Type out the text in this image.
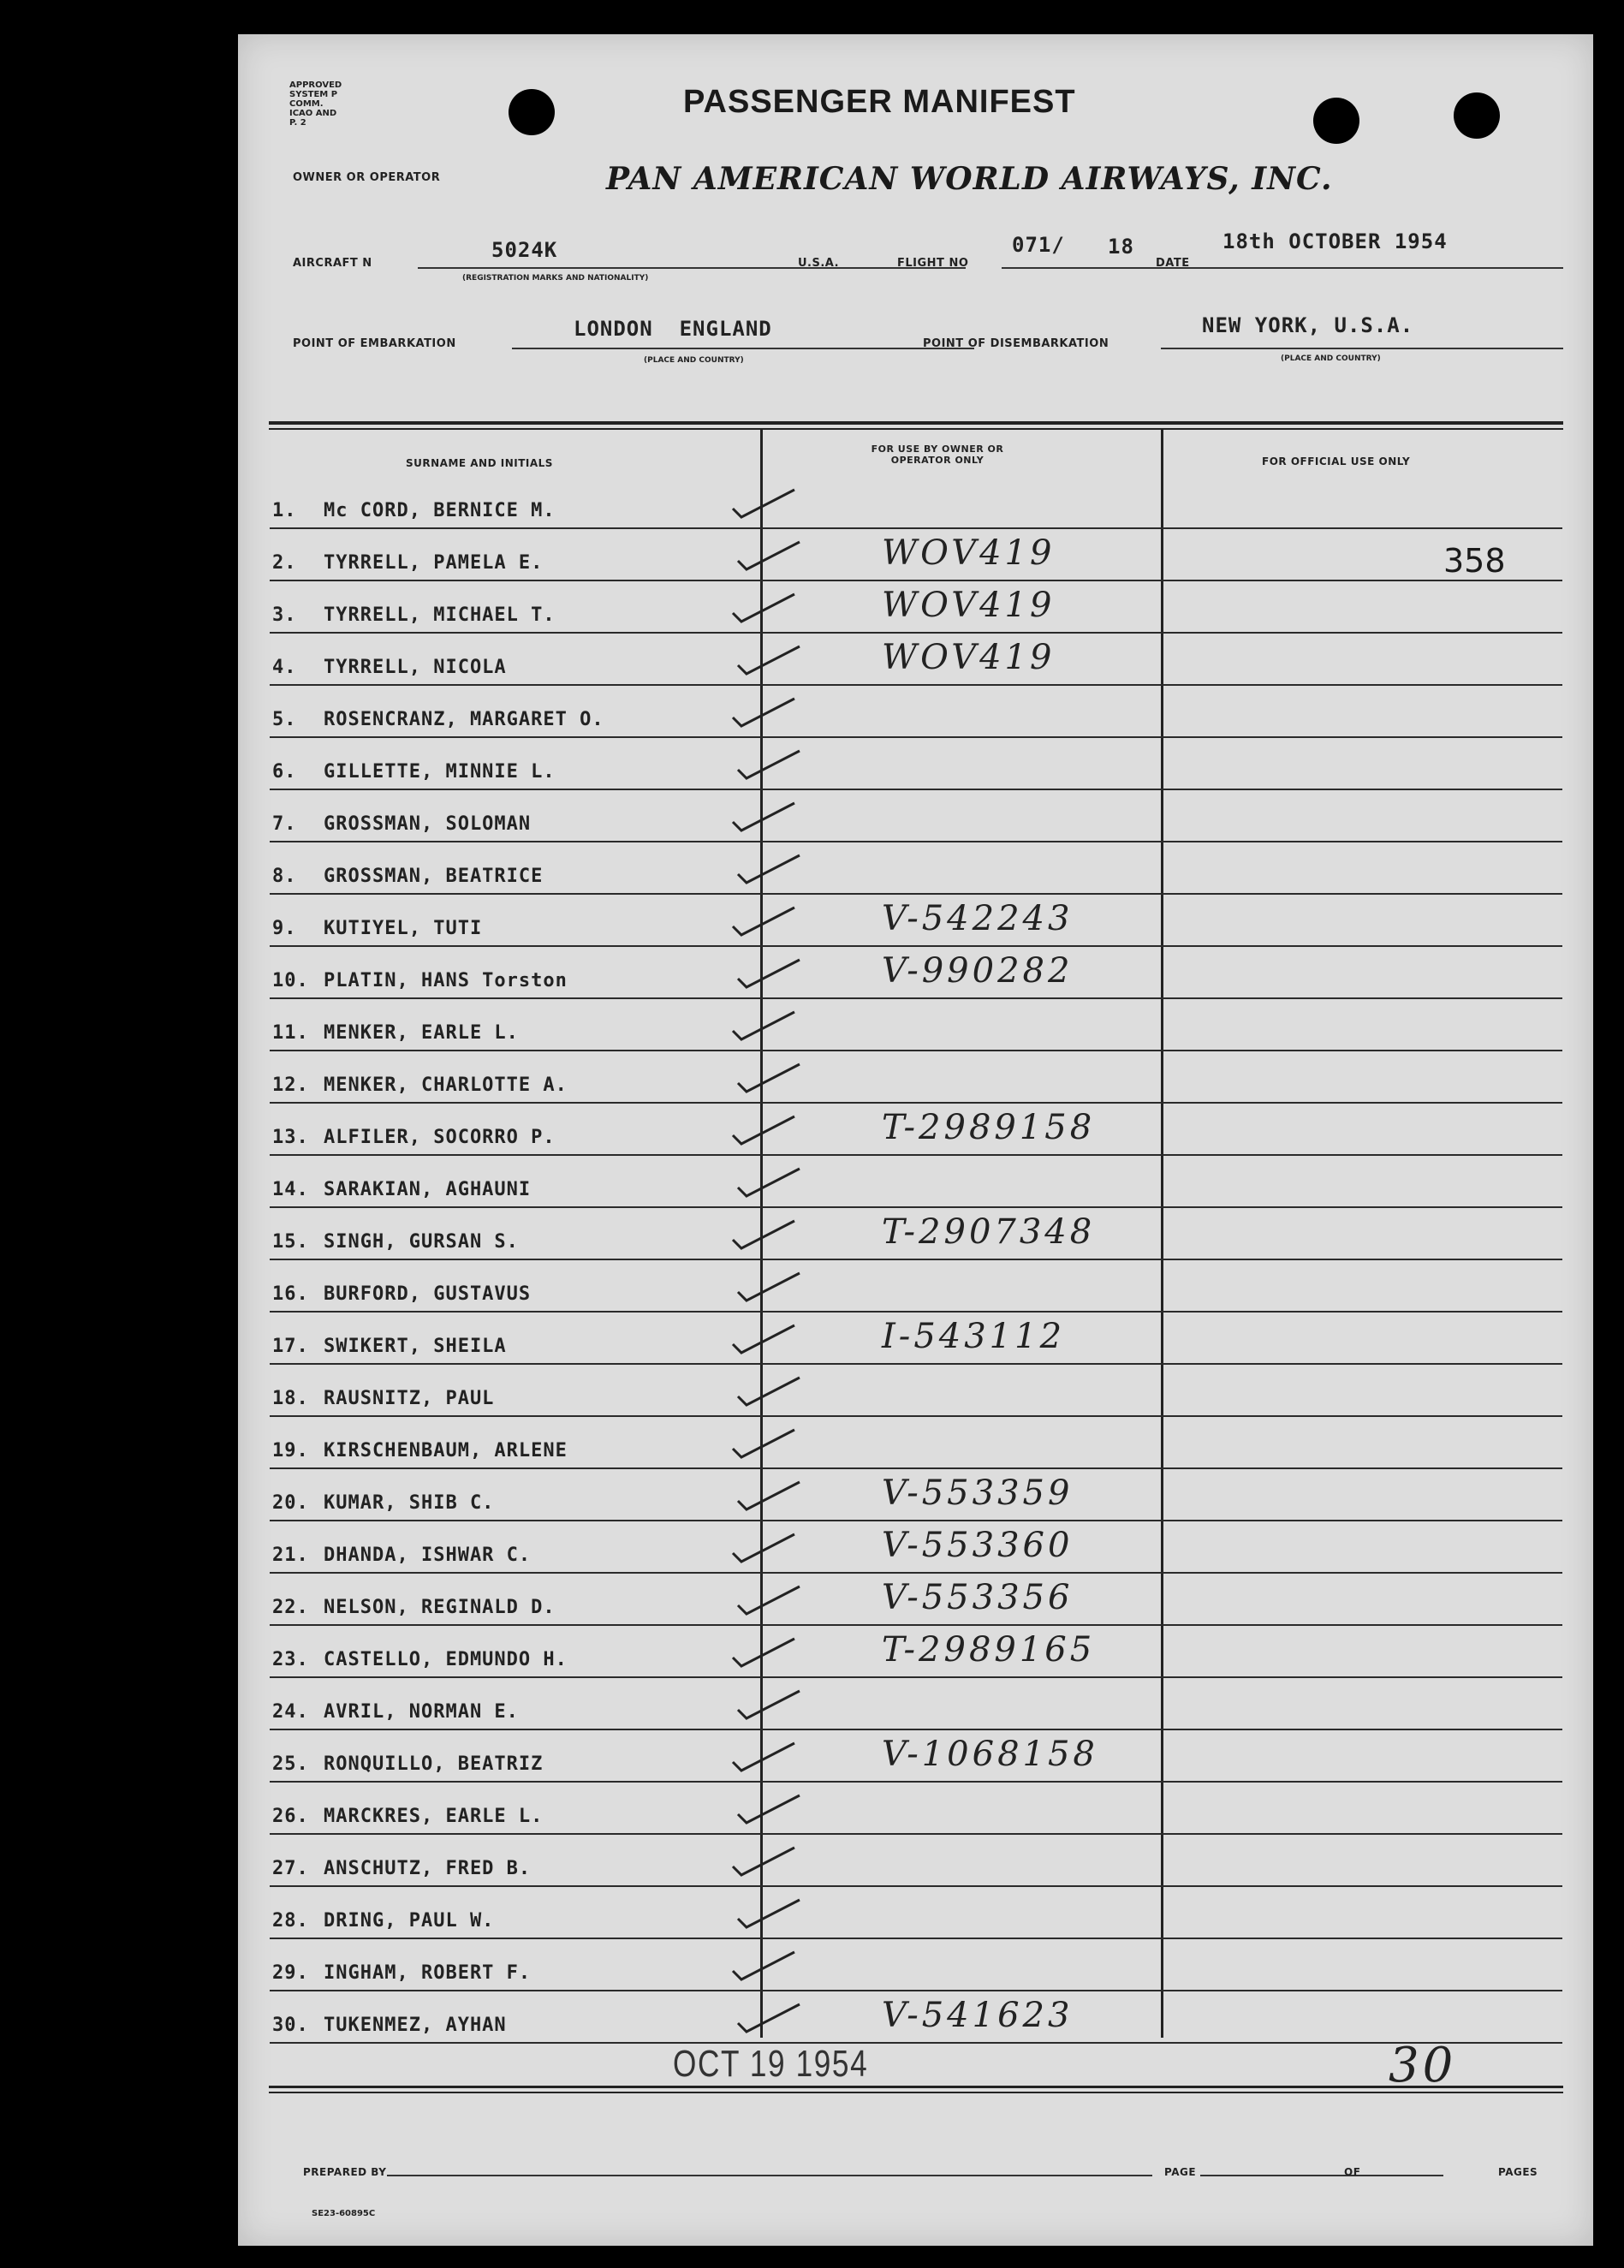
APPROVED
SYSTEM P
COMM.
ICAO AND
P. 2
PASSENGER MANIFEST
OWNER OR OPERATOR	PAN AMERICAN WORLD AIRWAYS, INC.
AIRCRAFT N
5024K
(REGISTRATION MARKS AND NATIONALITY)
U.S.A.	FLIGHT NO
071/ 18
DATE
18th OCTOBER 1954
POINT OF EMBARKATION
LONDON  ENGLAND
(PLACE AND COUNTRY)
POINT OF DISEMBARKATION
NEW YORK, U.S.A.
(PLACE AND COUNTRY)
SURNAME AND INITIALS
FOR USE BY OWNER OR OPERATOR ONLY	FOR OFFICIAL USE ONLY
1.	Mc CORD, BERNICE M.
2.	TYRRELL, PAMELA E.	WOV419	358
3.	TYRRELL, MICHAEL T.	WOV419
4.	TYRRELL, NICOLA	WOV419
5.	ROSENCRANZ, MARGARET O.
6.	GILLETTE, MINNIE L.
7.	GROSSMAN, SOLOMAN
8.	GROSSMAN, BEATRICE
9.	KUTIYEL, TUTI	V-542243
10. PLATIN, HANS Torston	V-990282
11. MENKER, EARLE L.
12. MENKER, CHARLOTTE A.
13. ALFILER, SOCORRO P.	T-2989158
14. SARAKIAN, AGHAUNI
15. SINGH, GURSAN S.	T-2907348
16. BURFORD, GUSTAVUS
17. SWIKERT, SHEILA	I-543112
18. RAUSNITZ, PAUL
19. KIRSCHENBAUM, ARLENE
20. KUMAR, SHIB C.	V-553359
21. DHANDA, ISHWAR C.	V-553360
22. NELSON, REGINALD D.	V-553356
23. CASTELLO, EDMUNDO H.	T-2989165
24. AVRIL, NORMAN E.
25. RONQUILLO, BEATRIZ	V-1068158
26. MARCKRES, EARLE L.
27. ANSCHUTZ, FRED B.
28. DRING, PAUL W.
29. INGHAM, ROBERT F.
30. TUKENMEZ, AYHAN	V-541623
OCT 19 1954	30
PREPARED BY	PAGE	OF	PAGES
SE23-60895C
